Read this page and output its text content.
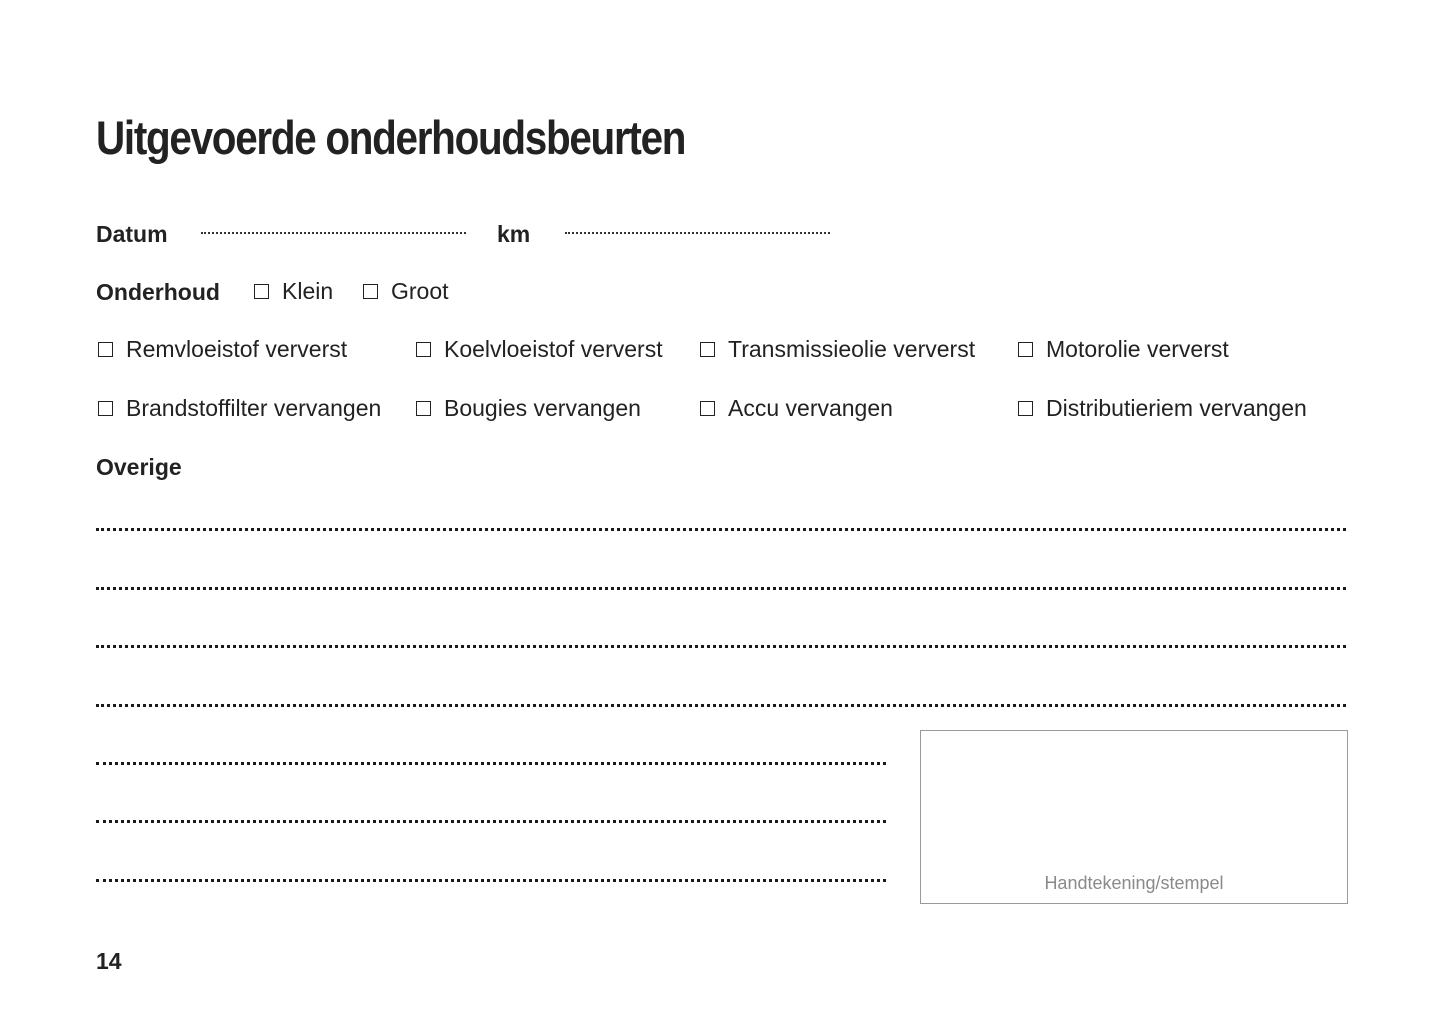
Uitgevoerde onderhoudsbeurten
Datum	km
Onderhoud	Klein	Groot
Remvloeistof ververst	Koelvloeistof ververst	Transmissieolie ververst	Motorolie ververst
Brandstoffilter vervangen	Bougies vervangen	Accu vervangen	Distributieriem vervangen
Overige
Handtekening/stempel
14
